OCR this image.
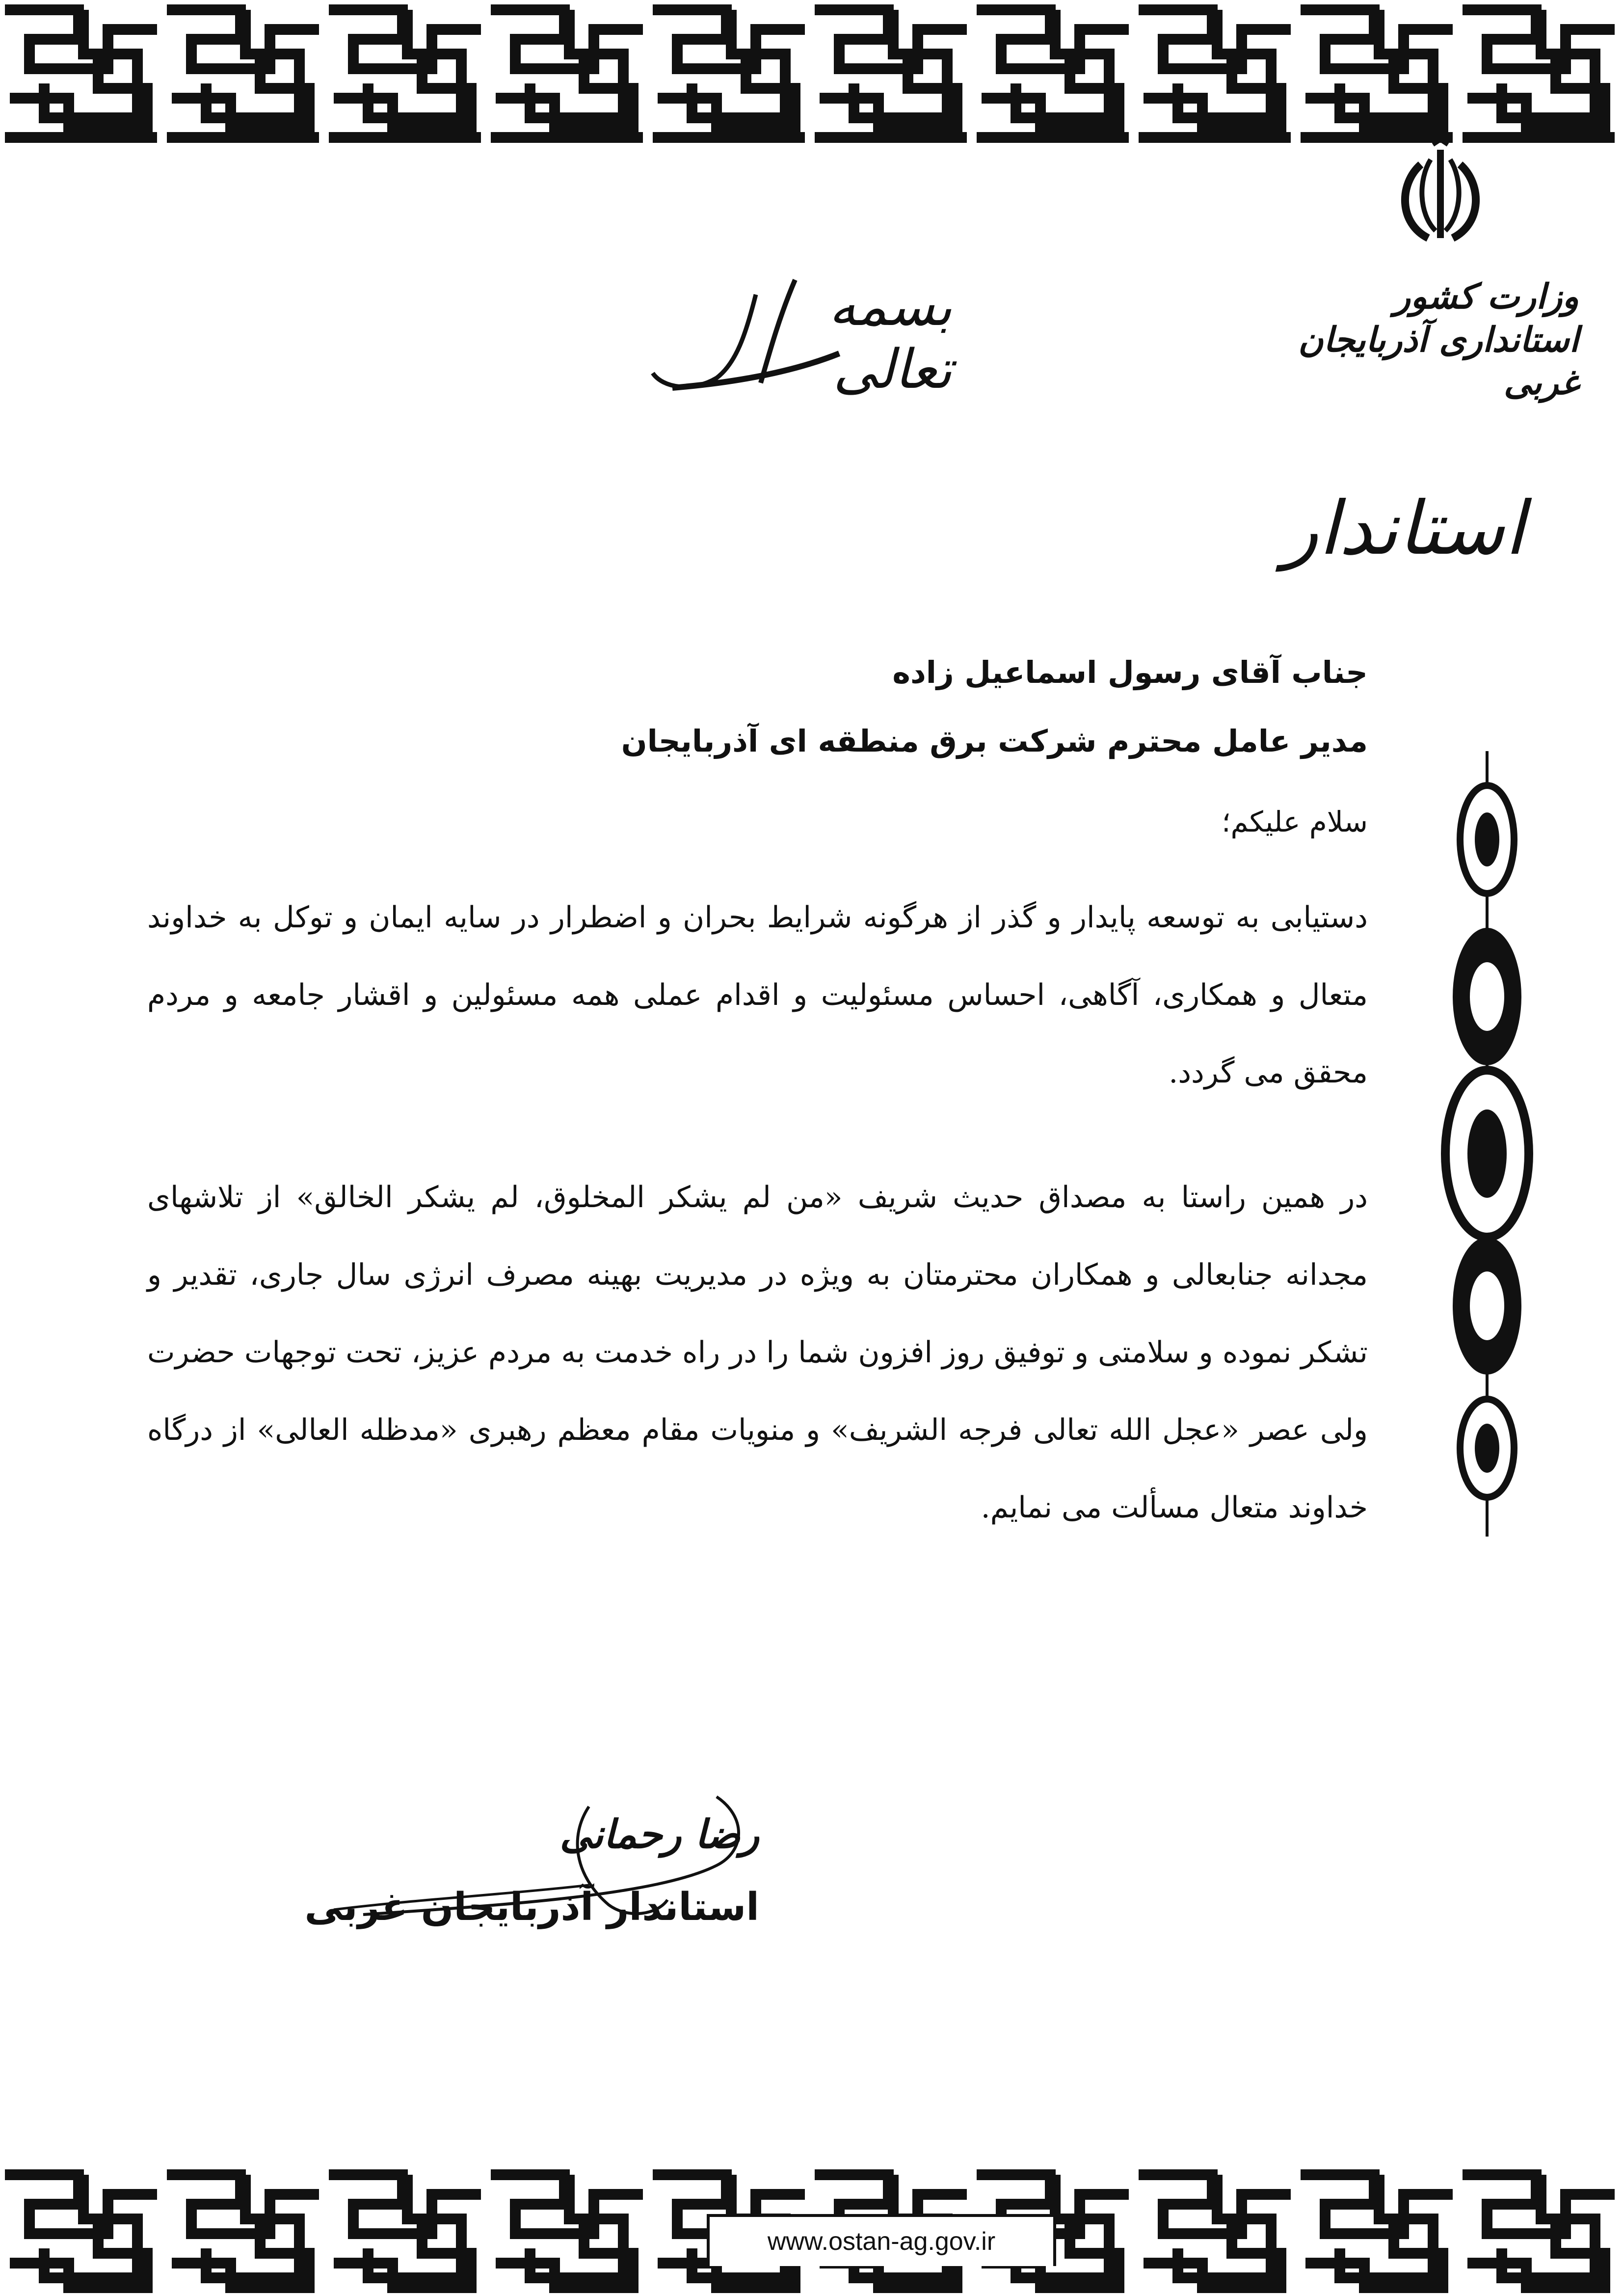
وزارت کشور
استانداری آذربایجان غربی
بسمه تعالی
استاندار
جناب آقای رسول اسماعیل زاده
مدیر عامل محترم شرکت برق منطقه ای آذربایجان
سلام علیکم؛
دستیابی به توسعه پایدار و گذر از هرگونه شرایط بحران و اضطرار در سایه ایمان و توکل به خداوند متعال و همکاری، آگاهی، احساس مسئولیت و اقدام عملی همه مسئولین و اقشار جامعه و مردم محقق می گردد.
در همین راستا به مصداق حدیث شریف «من لم یشکر المخلوق، لم یشکر الخالق» از تلاشهای مجدانه جنابعالی و همکاران محترمتان به ویژه در مدیریت بهینه مصرف انرژی سال جاری، تقدیر و تشکر نموده و سلامتی و توفیق روز افزون شما را در راه خدمت به مردم عزیز، تحت توجهات حضرت ولی عصر «عجل الله تعالی فرجه الشریف» و منویات مقام معظم رهبری «مدظله العالی» از درگاه خداوند متعال مسألت می نمایم.
رضا رحمانی
استاندار آذربایجان غربی
www.ostan-ag.gov.ir
